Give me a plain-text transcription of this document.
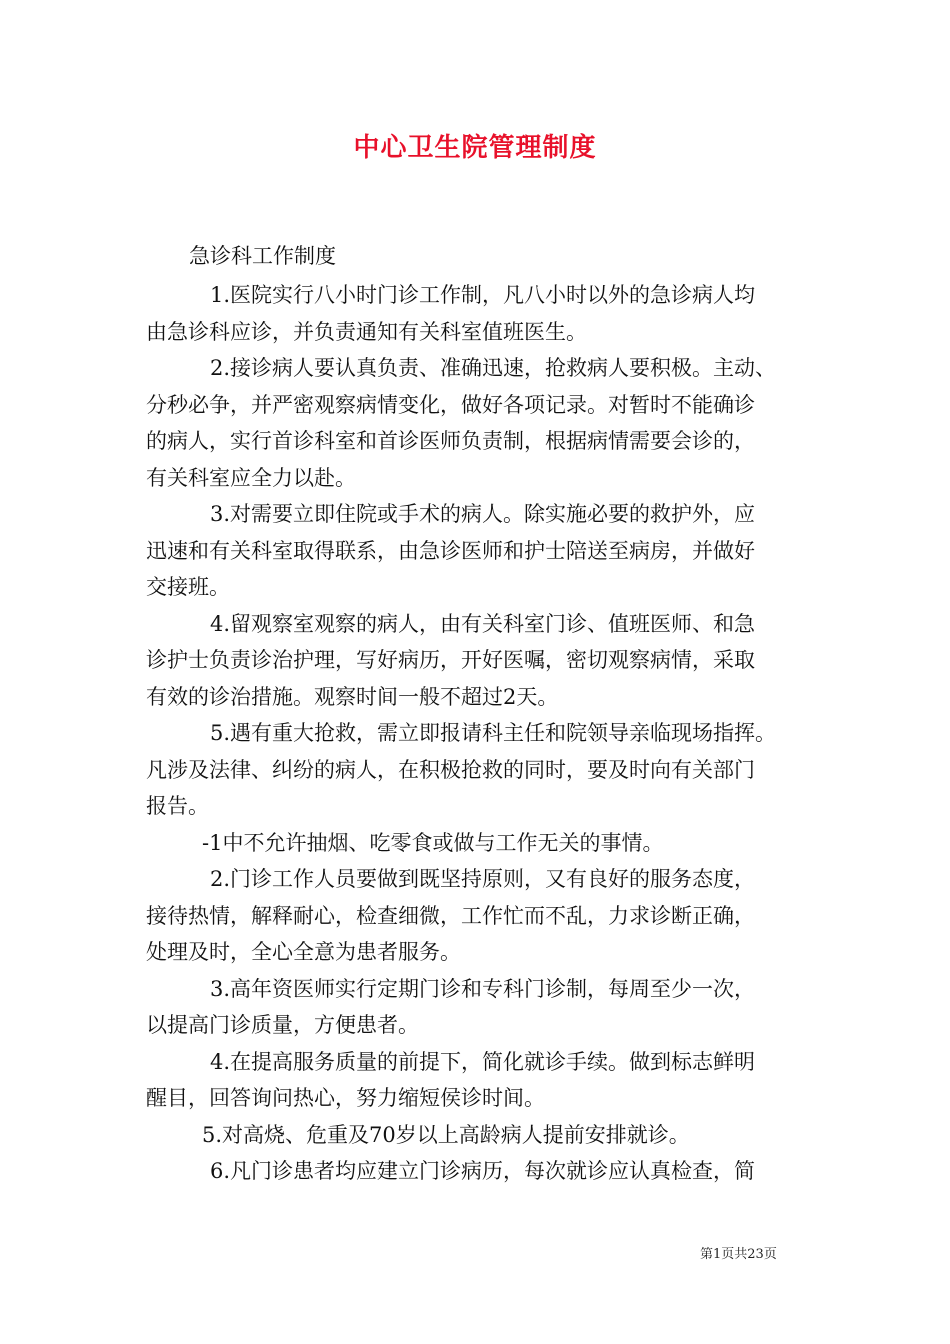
中心卫生院管理制度
急诊科工作制度
1.医院实行八小时门诊工作制，凡八小时以外的急诊病人均
由急诊科应诊，并负责通知有关科室值班医生。
2.接诊病人要认真负责、准确迅速，抢救病人要积极。主动、
分秒必争，并严密观察病情变化，做好各项记录。对暂时不能确诊
的病人，实行首诊科室和首诊医师负责制，根据病情需要会诊的，
有关科室应全力以赴。
3.对需要立即住院或手术的病人。除实施必要的救护外，应
迅速和有关科室取得联系，由急诊医师和护士陪送至病房，并做好
交接班。
4.留观察室观察的病人，由有关科室门诊、值班医师、和急
诊护士负责诊治护理，写好病历，开好医嘱，密切观察病情，采取
有效的诊治措施。观察时间一般不超过2天。
5.遇有重大抢救，需立即报请科主任和院领导亲临现场指挥。
凡涉及法律、纠纷的病人，在积极抢救的同时，要及时向有关部门
报告。
-1中不允许抽烟、吃零食或做与工作无关的事情。
2.门诊工作人员要做到既坚持原则，又有良好的服务态度，
接待热情，解释耐心，检查细微，工作忙而不乱，力求诊断正确，
处理及时，全心全意为患者服务。
3.高年资医师实行定期门诊和专科门诊制，每周至少一次，
以提高门诊质量，方便患者。
4.在提高服务质量的前提下，简化就诊手续。做到标志鲜明
醒目，回答询问热心，努力缩短侯诊时间。
5.对高烧、危重及70岁以上高龄病人提前安排就诊。
6.凡门诊患者均应建立门诊病历，每次就诊应认真检查，简
第1页共23页
